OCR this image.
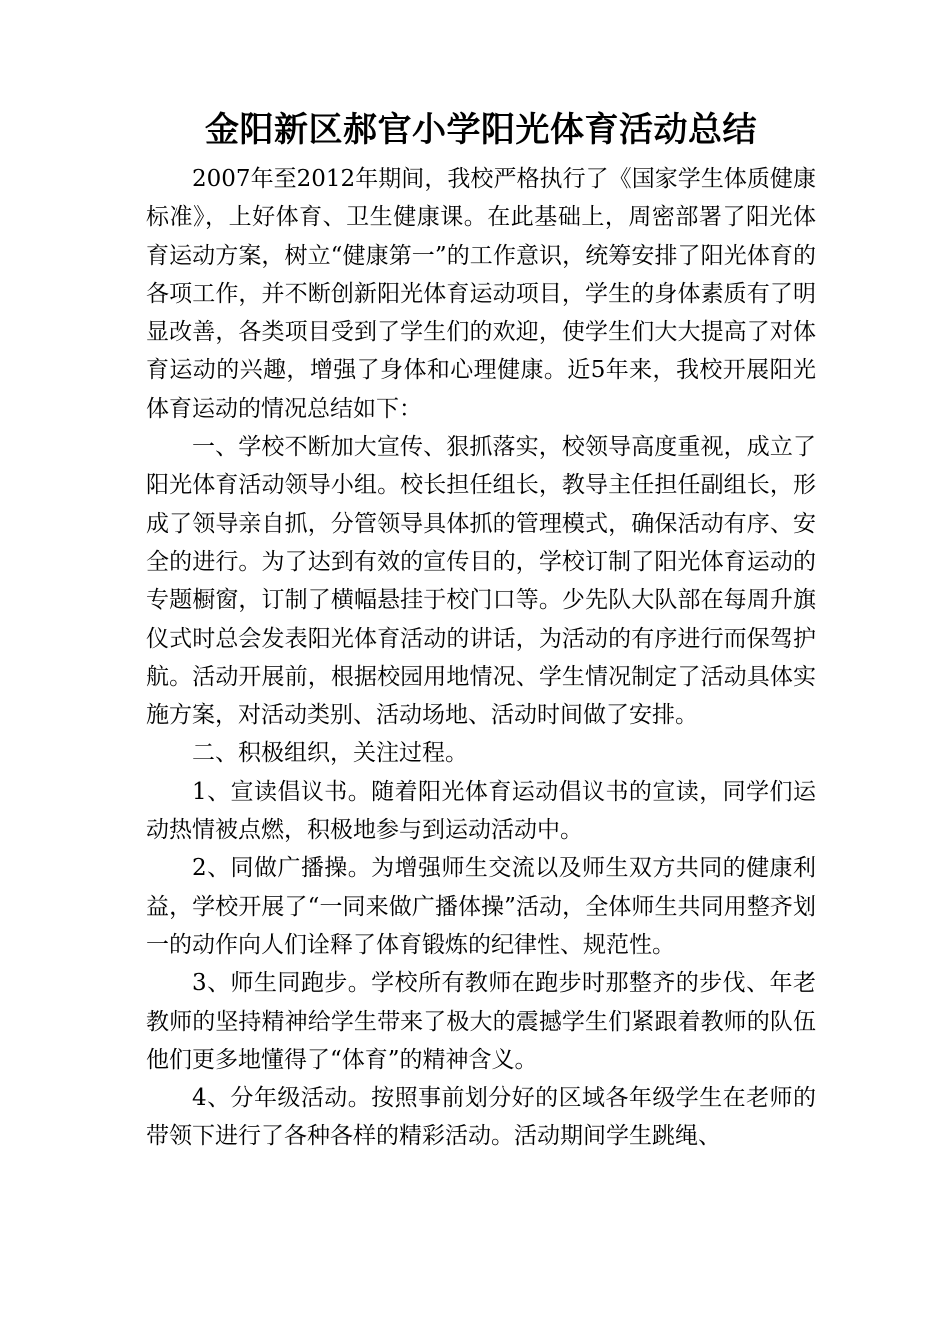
金阳新区郝官小学阳光体育活动总结

2007年至2012年期间，我校严格执行了《国家学生体质健康标准》，上好体育、卫生健康课。在此基础上，周密部署了阳光体育运动方案，树立“健康第一”的工作意识，统筹安排了阳光体育的各项工作，并不断创新阳光体育运动项目，学生的身体素质有了明显改善，各类项目受到了学生们的欢迎，使学生们大大提高了对体育运动的兴趣，增强了身体和心理健康。近5年来，我校开展阳光体育运动的情况总结如下：

一、学校不断加大宣传、狠抓落实，校领导高度重视，成立了阳光体育活动领导小组。校长担任组长，教导主任担任副组长，形成了领导亲自抓，分管领导具体抓的管理模式，确保活动有序、安全的进行。为了达到有效的宣传目的，学校订制了阳光体育运动的专题橱窗，订制了横幅悬挂于校门口等。少先队大队部在每周升旗仪式时总会发表阳光体育活动的讲话，为活动的有序进行而保驾护航。活动开展前，根据校园用地情况、学生情况制定了活动具体实施方案，对活动类别、活动场地、活动时间做了安排。

二、积极组织，关注过程。

1、宣读倡议书。随着阳光体育运动倡议书的宣读，同学们运动热情被点燃，积极地参与到运动活动中。

2、同做广播操。为增强师生交流以及师生双方共同的健康利益，学校开展了“一同来做广播体操”活动，全体师生共同用整齐划一的动作向人们诠释了体育锻炼的纪律性、规范性。

3、师生同跑步。学校所有教师在跑步时那整齐的步伐、年老教师的坚持精神给学生带来了极大的震撼学生们紧跟着教师的队伍他们更多地懂得了“体育”的精神含义。

4、分年级活动。按照事前划分好的区域各年级学生在老师的带领下进行了各种各样的精彩活动。活动期间学生跳绳、
